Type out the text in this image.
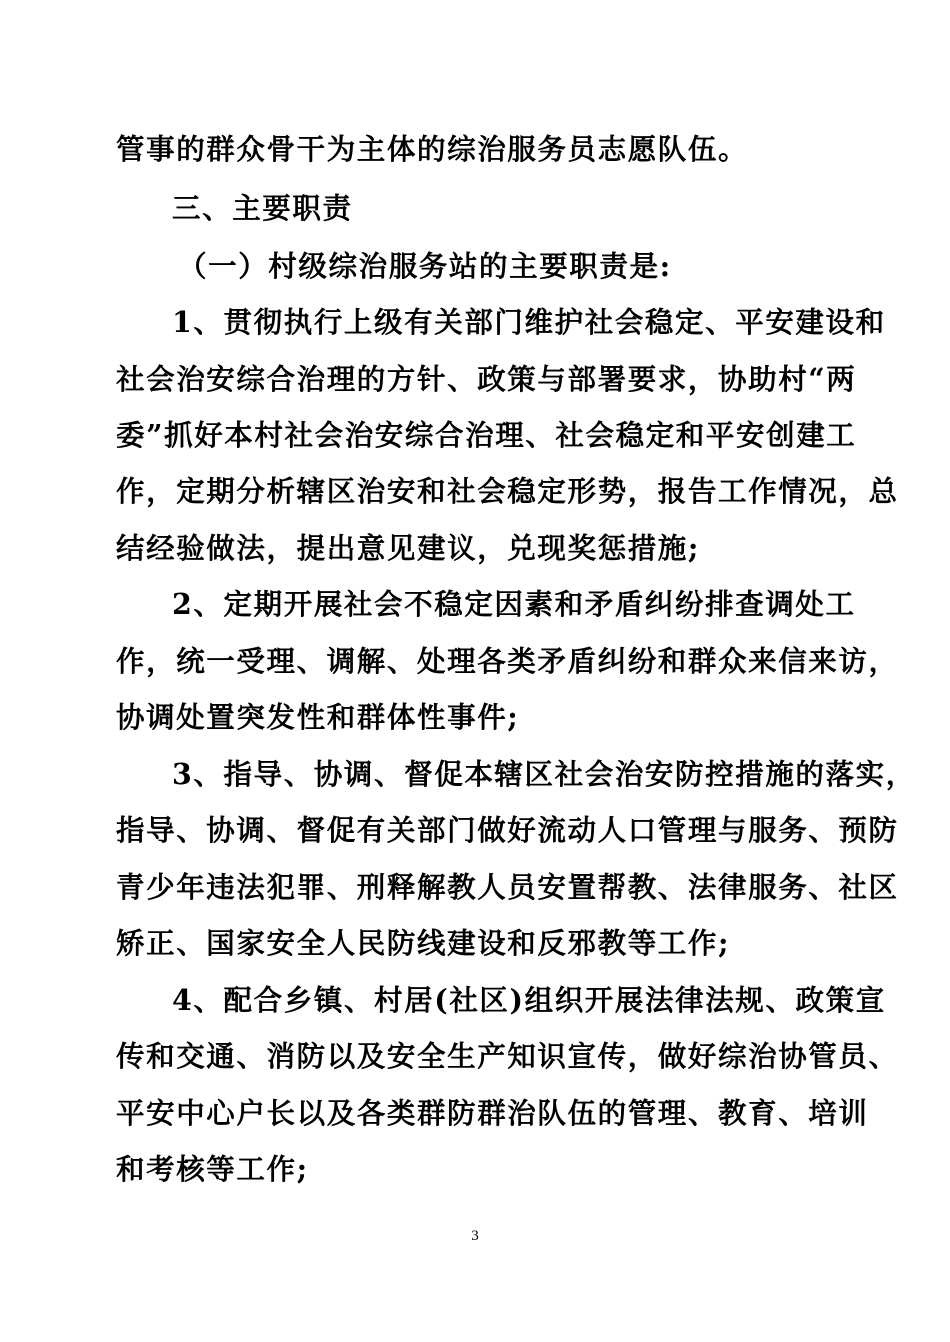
管事的群众骨干为主体的综治服务员志愿队伍。
三、主要职责
（一）村级综治服务站的主要职责是:
1、贯彻执行上级有关部门维护社会稳定、平安建设和
社会治安综合治理的方针、政策与部署要求，协助村“两
委”抓好本村社会治安综合治理、社会稳定和平安创建工
作，定期分析辖区治安和社会稳定形势，报告工作情况，总
结经验做法，提出意见建议，兑现奖惩措施;
2、定期开展社会不稳定因素和矛盾纠纷排查调处工
作，统一受理、调解、处理各类矛盾纠纷和群众来信来访，
协调处置突发性和群体性事件;
3、指导、协调、督促本辖区社会治安防控措施的落实，
指导、协调、督促有关部门做好流动人口管理与服务、预防
青少年违法犯罪、刑释解教人员安置帮教、法律服务、社区
矫正、国家安全人民防线建设和反邪教等工作;
4、配合乡镇、村居(社区)组织开展法律法规、政策宣
传和交通、消防以及安全生产知识宣传，做好综治协管员、
平安中心户长以及各类群防群治队伍的管理、教育、培训
和考核等工作;
3
